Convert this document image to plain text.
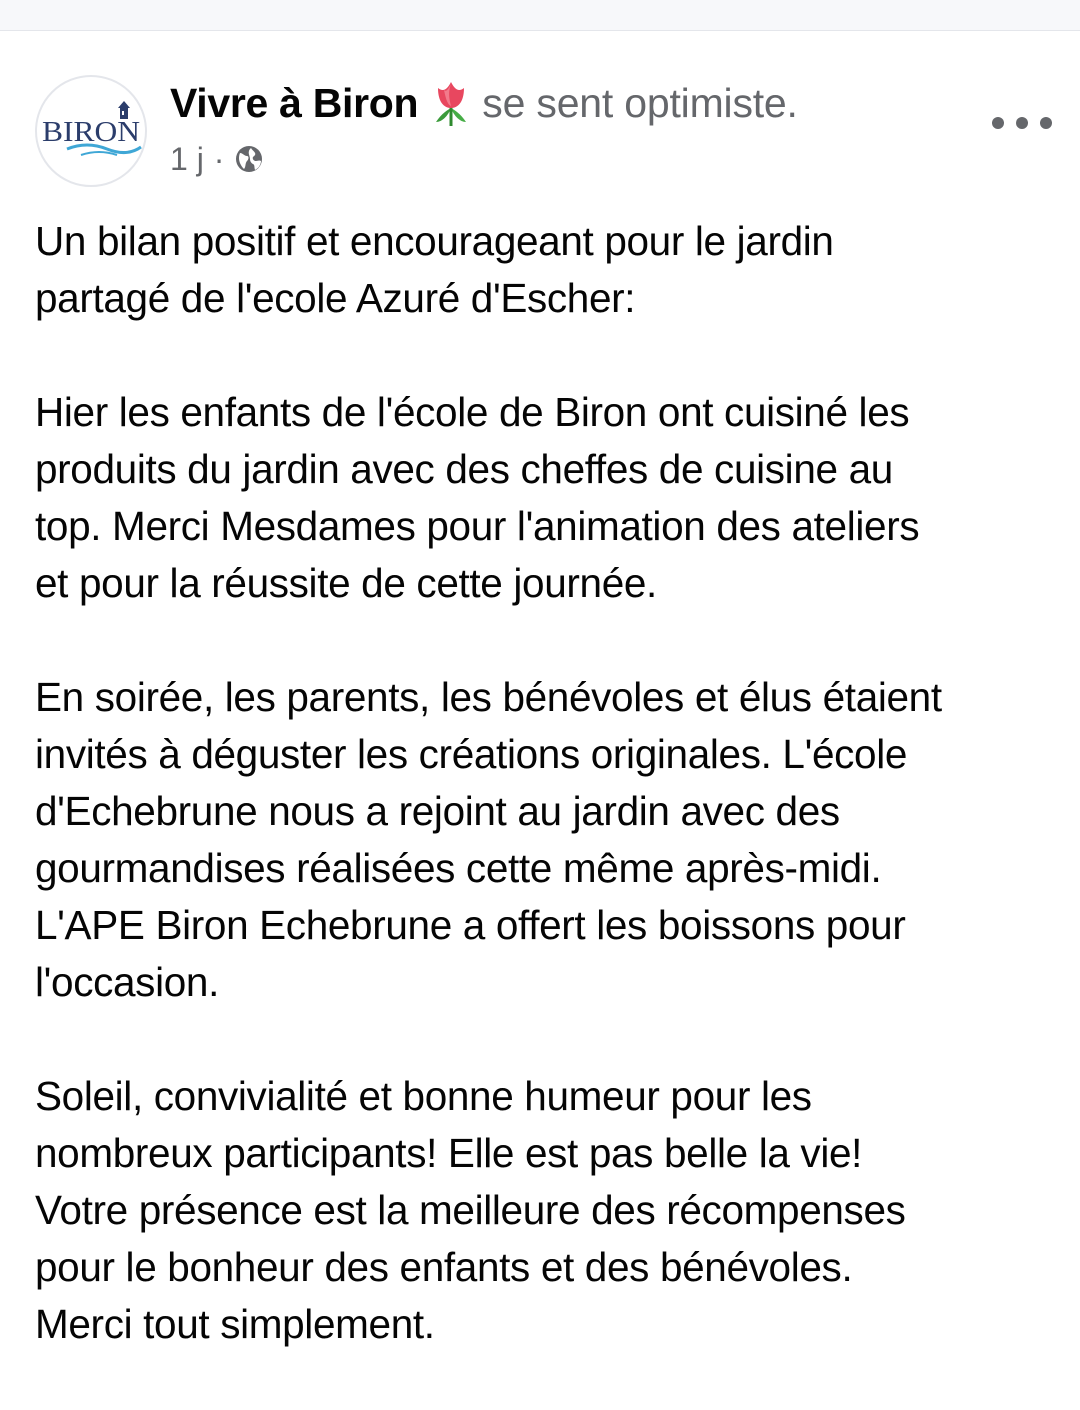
BIRON
Vivre à Biron se sent optimiste.
1 j ·

Un bilan positif et encourageant pour le jardin
partagé de l'ecole Azuré d'Escher:

Hier les enfants de l'école de Biron ont cuisiné les
produits du jardin avec des cheffes de cuisine au
top. Merci Mesdames pour l'animation des ateliers
et pour la réussite de cette journée.

En soirée, les parents, les bénévoles et élus étaient
invités à déguster les créations originales. L'école
d'Echebrune nous a rejoint au jardin avec des
gourmandises réalisées cette même après-midi.
L'APE Biron Echebrune a offert les boissons pour
l'occasion.

Soleil, convivialité et bonne humeur pour les
nombreux participants! Elle est pas belle la vie!
Votre présence est la meilleure des récompenses
pour le bonheur des enfants et des bénévoles.
Merci tout simplement.
